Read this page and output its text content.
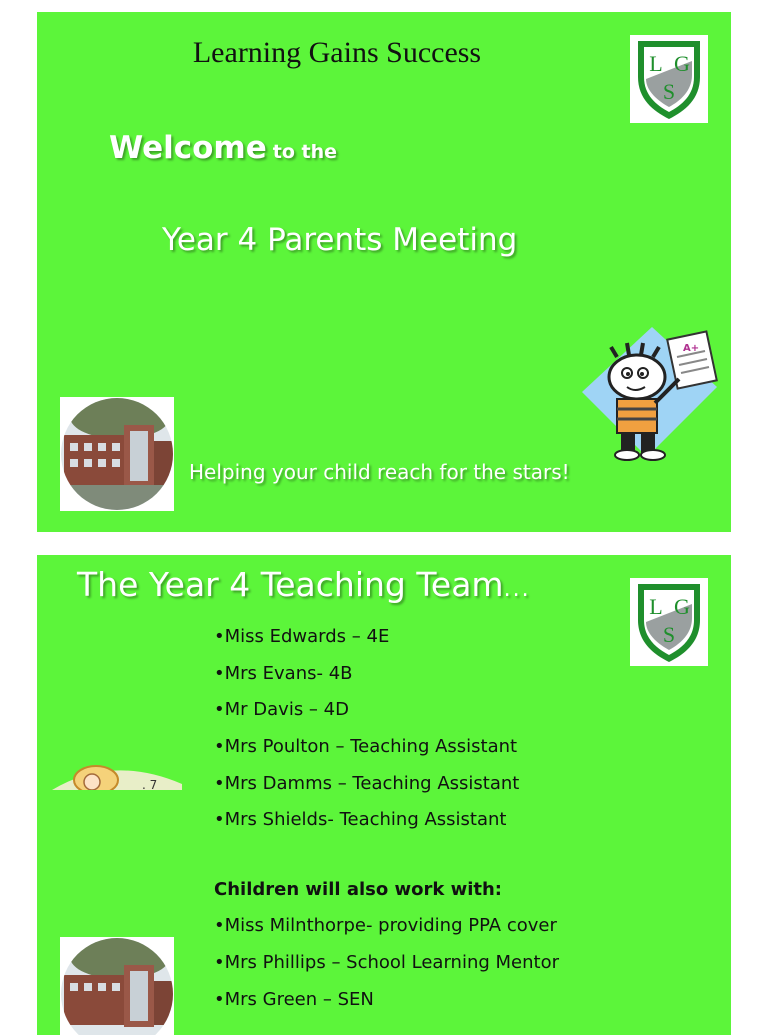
Learning Gains Success	L G
S
Welcome to the
Year 4 Parents Meeting
A+
Helping your child reach for the stars!
The Year 4 Teaching Team...
L G
S
. 7
•Miss Edwards – 4E
•Mrs Evans- 4B
•Mr Davis – 4D
•Mrs Poulton – Teaching Assistant
•Mrs Damms – Teaching Assistant
•Mrs Shields- Teaching Assistant
Children will also work with:
•Miss Milnthorpe- providing PPA cover
•Mrs Phillips – School Learning Mentor
•Mrs Green – SEN
